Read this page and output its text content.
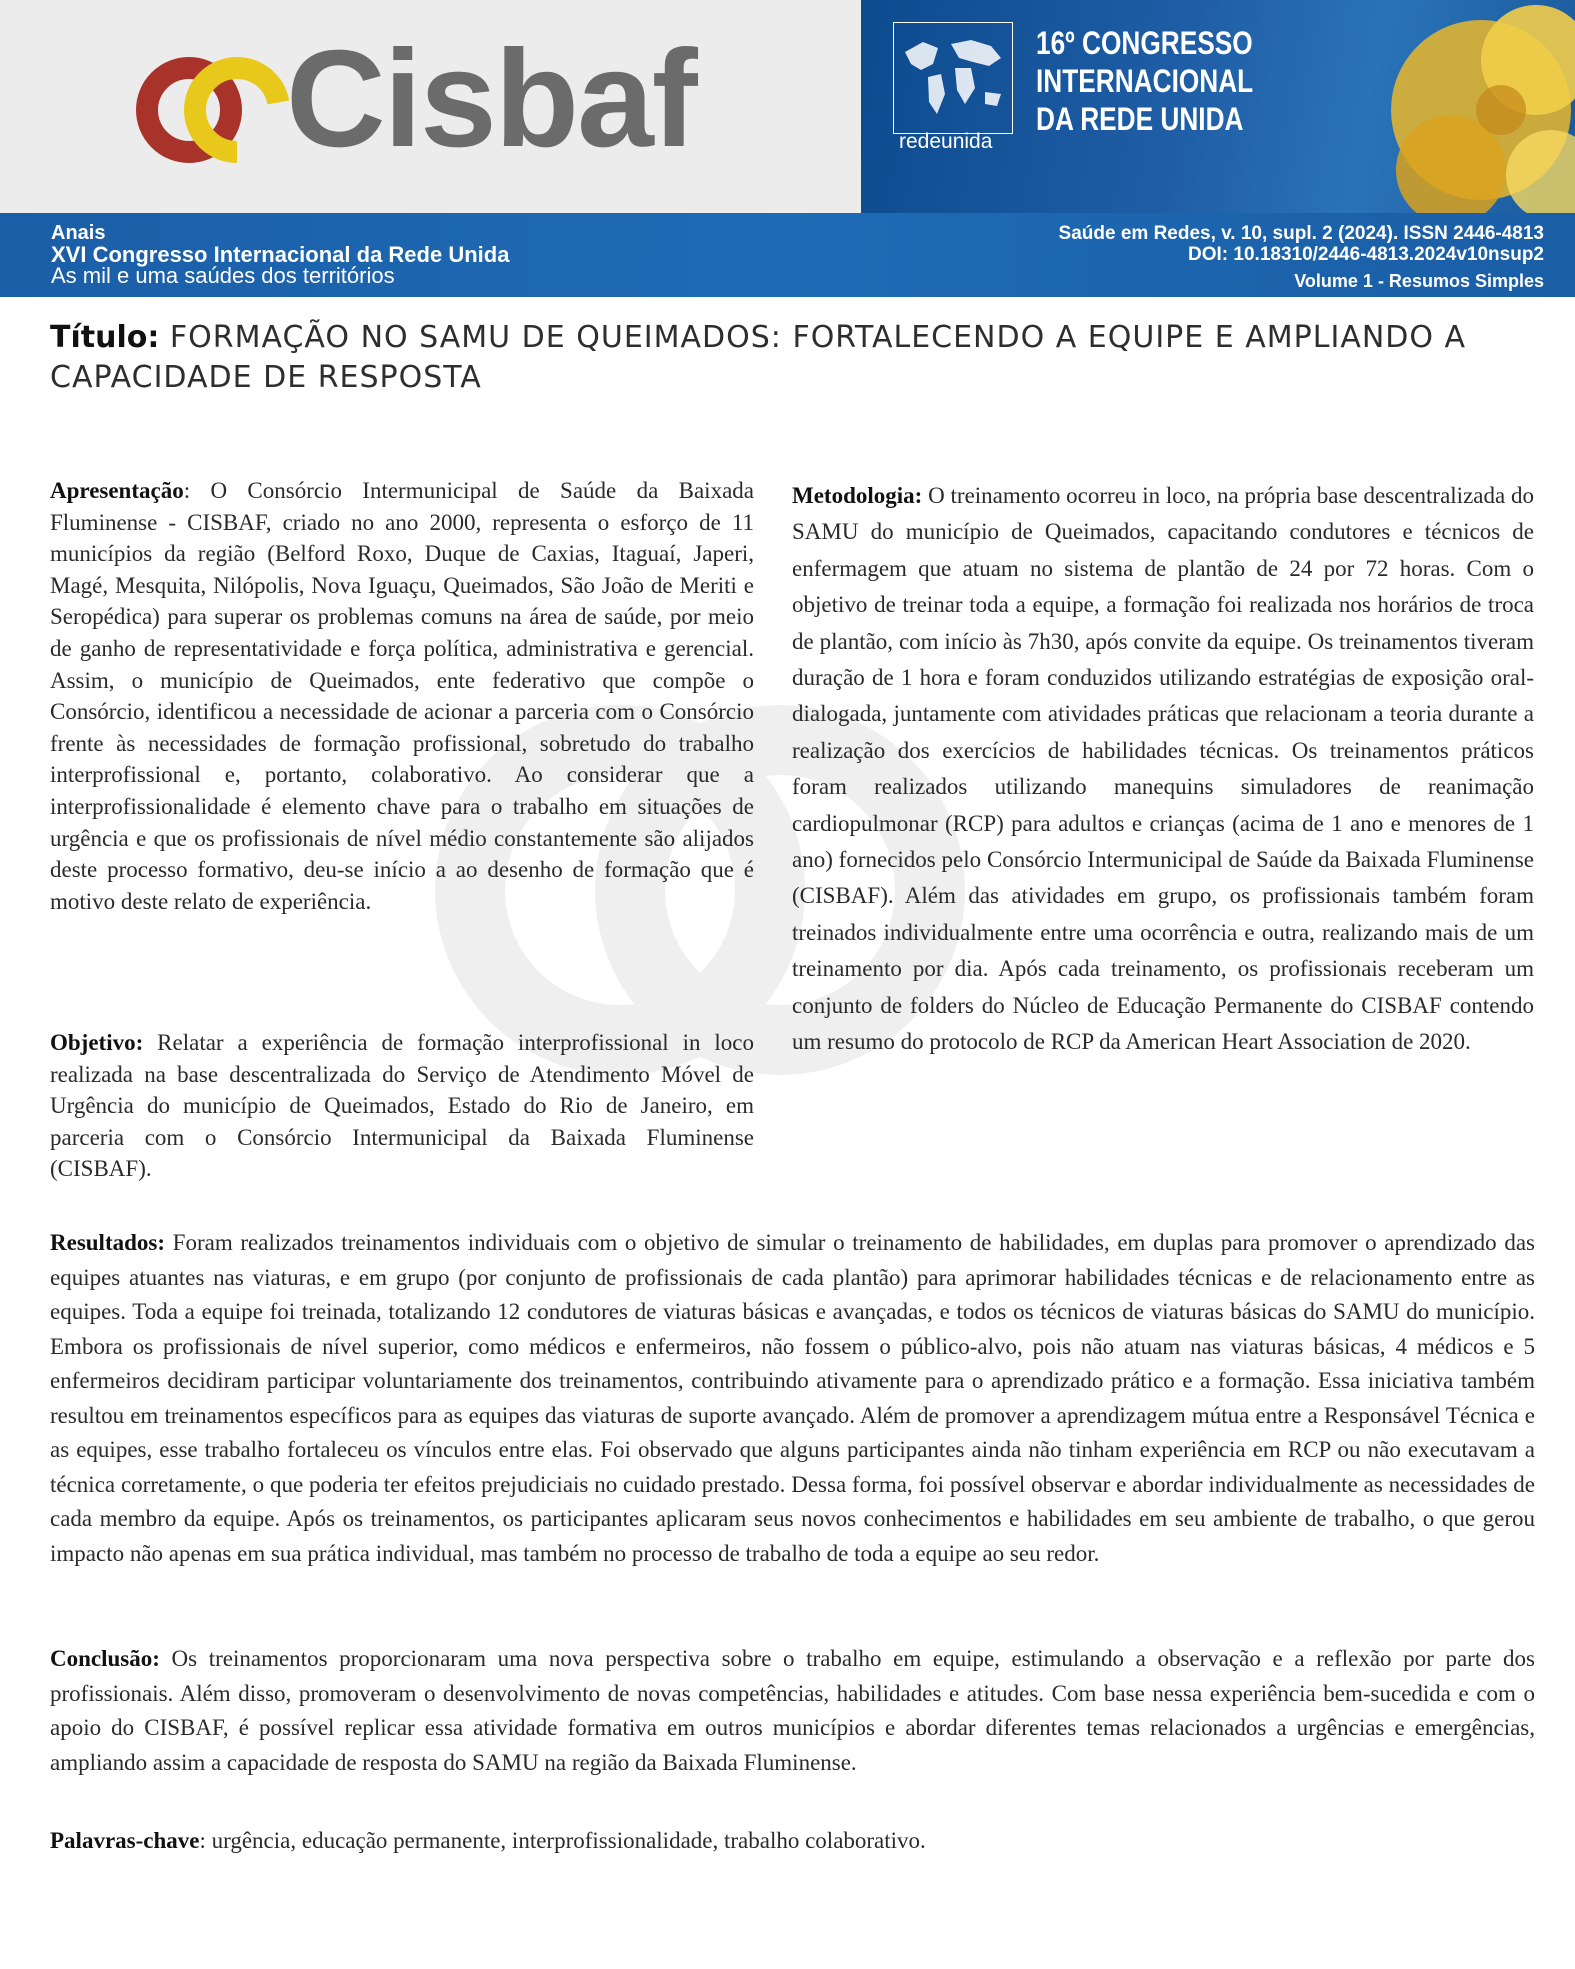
Cisbaf	redeunida
16º CONGRESSO
INTERNACIONAL
DA REDE UNIDA
Anais
XVI Congresso Internacional da Rede Unida
As mil e uma saúdes dos territórios
Saúde em Redes, v. 10, supl. 2 (2024). ISSN 2446-4813
DOI: 10.18310/2446-4813.2024v10nsup2
Volume 1 - Resumos Simples
Título: FORMAÇÃO NO SAMU DE QUEIMADOS: FORTALECENDO A EQUIPE E AMPLIANDO A CAPACIDADE DE RESPOSTA
Apresentação: O Consórcio Intermunicipal de Saúde da Baixada Fluminense - CISBAF, criado no ano 2000, representa o esforço de 11 municípios da região (Belford Roxo, Duque de Caxias, Itaguaí, Japeri, Magé, Mesquita, Nilópolis, Nova Iguaçu, Queimados, São João de Meriti e Seropédica) para superar os problemas comuns na área de saúde, por meio de ganho de representatividade e força política, administrativa e gerencial. Assim, o município de Queimados, ente federativo que compõe o Consórcio, identificou a necessidade de acionar a parceria com o Consórcio frente às necessidades de formação profissional, sobretudo do trabalho interprofissional e, portanto, colaborativo. Ao considerar que a interprofissionalidade é elemento chave para o trabalho em situações de urgência e que os profissionais de nível médio constantemente são alijados deste processo formativo, deu-se início a ao desenho de formação que é motivo deste relato de experiência.
Objetivo: Relatar a experiência de formação interprofissional in loco realizada na base descentralizada do Serviço de Atendimento Móvel de Urgência do município de Queimados, Estado do Rio de Janeiro, em parceria com o Consórcio Intermunicipal da Baixada Fluminense (CISBAF).
Metodologia: O treinamento ocorreu in loco, na própria base descentralizada do SAMU do município de Queimados, capacitando condutores e técnicos de enfermagem que atuam no sistema de plantão de 24 por 72 horas. Com o objetivo de treinar toda a equipe, a formação foi realizada nos horários de troca de plantão, com início às 7h30, após convite da equipe. Os treinamentos tiveram duração de 1 hora e foram conduzidos utilizando estratégias de exposição oral-dialogada, juntamente com atividades práticas que relacionam a teoria durante a realização dos exercícios de habilidades técnicas. Os treinamentos práticos foram realizados utilizando manequins simuladores de reanimação cardiopulmonar (RCP) para adultos e crianças (acima de 1 ano e menores de 1 ano) fornecidos pelo Consórcio Intermunicipal de Saúde da Baixada Fluminense (CISBAF). Além das atividades em grupo, os profissionais também foram treinados individualmente entre uma ocorrência e outra, realizando mais de um treinamento por dia. Após cada treinamento, os profissionais receberam um conjunto de folders do Núcleo de Educação Permanente do CISBAF contendo um resumo do protocolo de RCP da American Heart Association de 2020.
Resultados: Foram realizados treinamentos individuais com o objetivo de simular o treinamento de habilidades, em duplas para promover o aprendizado das equipes atuantes nas viaturas, e em grupo (por conjunto de profissionais de cada plantão) para aprimorar habilidades técnicas e de relacionamento entre as equipes. Toda a equipe foi treinada, totalizando 12 condutores de viaturas básicas e avançadas, e todos os técnicos de viaturas básicas do SAMU do município. Embora os profissionais de nível superior, como médicos e enfermeiros, não fossem o público-alvo, pois não atuam nas viaturas básicas, 4 médicos e 5 enfermeiros decidiram participar voluntariamente dos treinamentos, contribuindo ativamente para o aprendizado prático e a formação. Essa iniciativa também resultou em treinamentos específicos para as equipes das viaturas de suporte avançado. Além de promover a aprendizagem mútua entre a Responsável Técnica e as equipes, esse trabalho fortaleceu os vínculos entre elas. Foi observado que alguns participantes ainda não tinham experiência em RCP ou não executavam a técnica corretamente, o que poderia ter efeitos prejudiciais no cuidado prestado. Dessa forma, foi possível observar e abordar individualmente as necessidades de cada membro da equipe. Após os treinamentos, os participantes aplicaram seus novos conhecimentos e habilidades em seu ambiente de trabalho, o que gerou impacto não apenas em sua prática individual, mas também no processo de trabalho de toda a equipe ao seu redor.
Conclusão: Os treinamentos proporcionaram uma nova perspectiva sobre o trabalho em equipe, estimulando a observação e a reflexão por parte dos profissionais. Além disso, promoveram o desenvolvimento de novas competências, habilidades e atitudes. Com base nessa experiência bem-sucedida e com o apoio do CISBAF, é possível replicar essa atividade formativa em outros municípios e abordar diferentes temas relacionados a urgências e emergências, ampliando assim a capacidade de resposta do SAMU na região da Baixada Fluminense.
Palavras-chave: urgência, educação permanente, interprofissionalidade, trabalho colaborativo.
